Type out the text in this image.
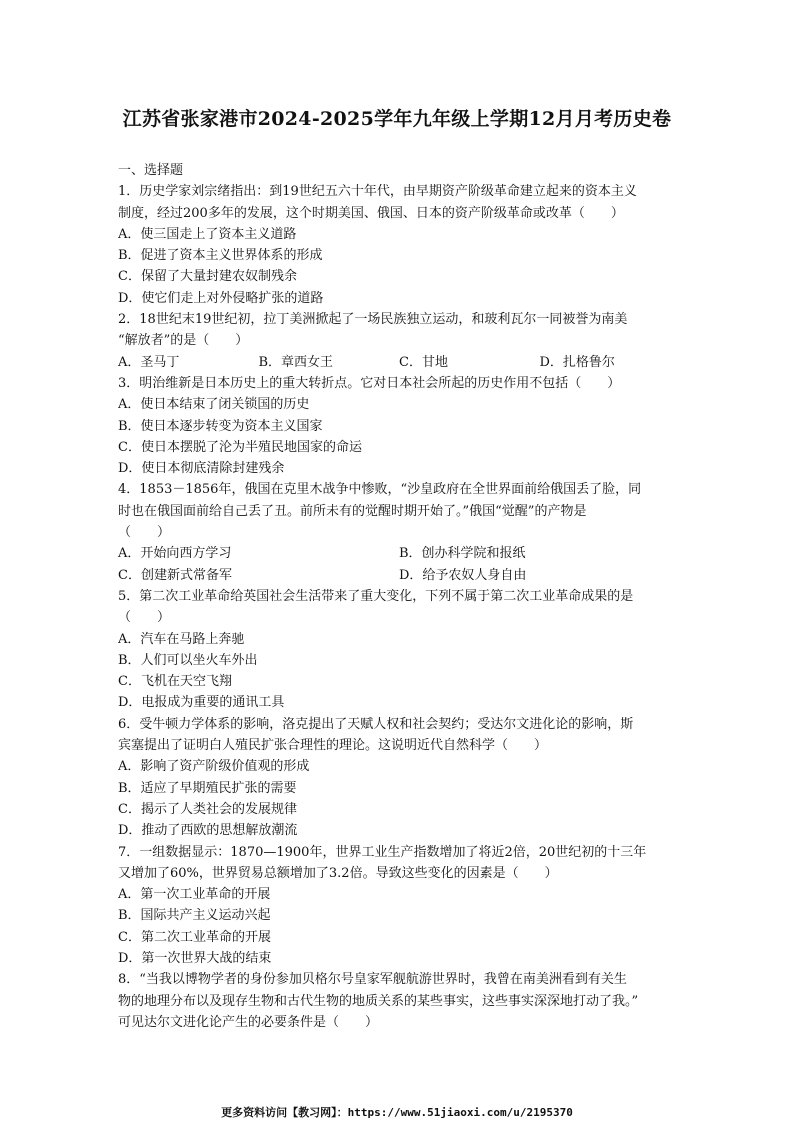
江苏省张家港市2024-2025学年九年级上学期12月月考历史卷
一、选择题
1．历史学家刘宗绪指出：到19世纪五六十年代，由早期资产阶级革命建立起来的资本主义
制度，经过200多年的发展，这个时期美国、俄国、日本的资产阶级革命或改革（　　）
A．使三国走上了资本主义道路
B．促进了资本主义世界体系的形成
C．保留了大量封建农奴制残余
D．使它们走上对外侵略扩张的道路
2．18世纪末19世纪初，拉丁美洲掀起了一场民族独立运动，和玻利瓦尔一同被誉为南美
“解放者”的是（　　）
A．圣马丁	B．章西女王	C．甘地	D．扎格鲁尔
3．明治维新是日本历史上的重大转折点。它对日本社会所起的历史作用不包括（　　）
A．使日本结束了闭关锁国的历史
B．使日本逐步转变为资本主义国家
C．使日本摆脱了沦为半殖民地国家的命运
D．使日本彻底清除封建残余
4．1853－1856年，俄国在克里木战争中惨败，“沙皇政府在全世界面前给俄国丢了脸，同
时也在俄国面前给自己丢了丑。前所未有的觉醒时期开始了。”俄国“觉醒”的产物是
（　　）
A．开始向西方学习	B．创办科学院和报纸
C．创建新式常备军	D．给予农奴人身自由
5．第二次工业革命给英国社会生活带来了重大变化，下列不属于第二次工业革命成果的是
（　　）
A．汽车在马路上奔驰
B．人们可以坐火车外出
C．飞机在天空飞翔
D．电报成为重要的通讯工具
6．受牛顿力学体系的影响，洛克提出了天赋人权和社会契约；受达尔文进化论的影响，斯
宾塞提出了证明白人殖民扩张合理性的理论。这说明近代自然科学（　　）
A．影响了资产阶级价值观的形成
B．适应了早期殖民扩张的需要
C．揭示了人类社会的发展规律
D．推动了西欧的思想解放潮流
7．一组数据显示：1870—1900年，世界工业生产指数增加了将近2倍，20世纪初的十三年
又增加了60%，世界贸易总额增加了3.2倍。导致这些变化的因素是（　　）
A．第一次工业革命的开展
B．国际共产主义运动兴起
C．第二次工业革命的开展
D．第一次世界大战的结束
8．“当我以博物学者的身份参加贝格尔号皇家军舰航游世界时，我曾在南美洲看到有关生
物的地理分布以及现存生物和古代生物的地质关系的某些事实，这些事实深深地打动了我。”
可见达尔文进化论产生的必要条件是（　　）
更多资料访问【教习网】：https://www.51jiaoxi.com/u/2195370
